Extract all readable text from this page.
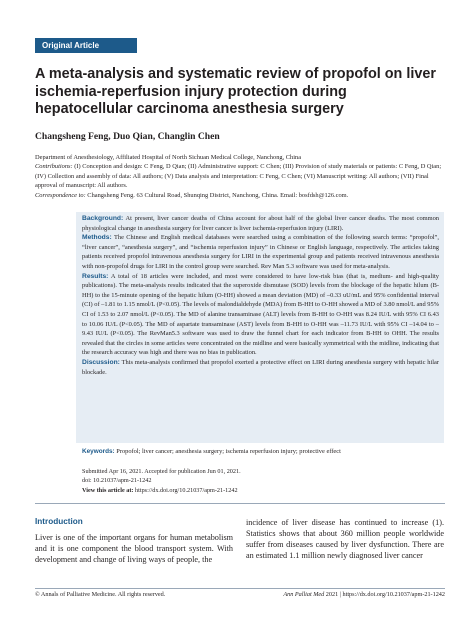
Original Article
A meta-analysis and systematic review of propofol on liver ischemia-reperfusion injury protection during hepatocellular carcinoma anesthesia surgery
Changsheng Feng, Duo Qian, Changlin Chen

Department of Anesthesiology, Affiliated Hospital of North Sichuan Medical College, Nanchong, China

Contributions: (I) Conception and design: C Feng, D Qian; (II) Administrative support: C Chen; (III) Provision of study materials or patients: C Feng, D Qian; (IV) Collection and assembly of data: All authors; (V) Data analysis and interpretation: C Feng, C Chen; (VI) Manuscript writing: All authors; (VII) Final approval of manuscript: All authors.

Correspondence to: Changsheng Feng. 63 Cultural Road, Shunqing District, Nanchong, China. Email: bosfdsh@126.com.

Background: At present, liver cancer deaths of China account for about half of the global liver cancer deaths. The most common physiological change in anesthesia surgery for liver cancer is liver ischemia-reperfusion injury (LIRI).

Methods: The Chinese and English medical databases were searched using a combination of the following search terms: “propofol”, “liver cancer”, “anesthesia surgery”, and “ischemia reperfusion injury” in Chinese or English language, respectively. The articles taking patients received propofol intravenous anesthesia surgery for LIRI in the experimental group and patients received intravenous anesthesia with non-propofol drugs for LIRI in the control group were searched. Rev Man 5.3 software was used for meta-analysis.

Results: A total of 18 articles were included, and most were considered to have low-risk bias (that is, medium- and high-quality publications). The meta-analysis results indicated that the superoxide dismutase (SOD) levels from the blockage of the hepatic hilum (B-HH) to the 15-minute opening of the hepatic hilum (O-HH) showed a mean deviation (MD) of –0.33 uU/mL and 95% confidential interval (CI) of –1.81 to 1.15 nmol/L (P<0.05). The levels of malondialdehyde (MDA) from B-HH to O-HH showed a MD of 3.80 nmol/L and 95% CI of 1.53 to 2.07 nmol/L (P<0.05). The MD of alanine transaminase (ALT) levels from B-HH to O-HH was 8.24 IU/L with 95% CI 6.43 to 10.06 IU/L (P<0.05). The MD of aspartate transaminase (AST) levels from B-HH to O-HH was –11.73 IU/L with 95% CI –14.04 to –9.43 IU/L (P<0.05). The RevMan5.3 software was used to draw the funnel chart for each indicator from B-HH to OHH. The results revealed that the circles in some articles were concentrated on the midline and were basically symmetrical with the midline, indicating that the research accuracy was high and there was no bias in publication.

Discussion: This meta-analysis confirmed that propofol exerted a protective effect on LIRI during anesthesia surgery with hepatic hilar blockade.

Keywords: Propofol; liver cancer; anesthesia surgery; ischemia reperfusion injury; protective effect

Submitted Apr 16, 2021. Accepted for publication Jun 01, 2021.

doi: 10.21037/apm-21-1242

View this article at: https://dx.doi.org/10.21037/apm-21-1242

Introduction

Liver is one of the important organs for human metabolism and it is one component the blood transport system. With development and change of living ways of people, the

incidence of liver disease has continued to increase (1). Statistics shows that about 360 million people worldwide suffer from diseases caused by liver dysfunction. There are an estimated 1.1 million newly diagnosed liver cancer

© Annals of Palliative Medicine. All rights reserved.	Ann Palliat Med 2021 | https://dx.doi.org/10.21037/apm-21-1242
